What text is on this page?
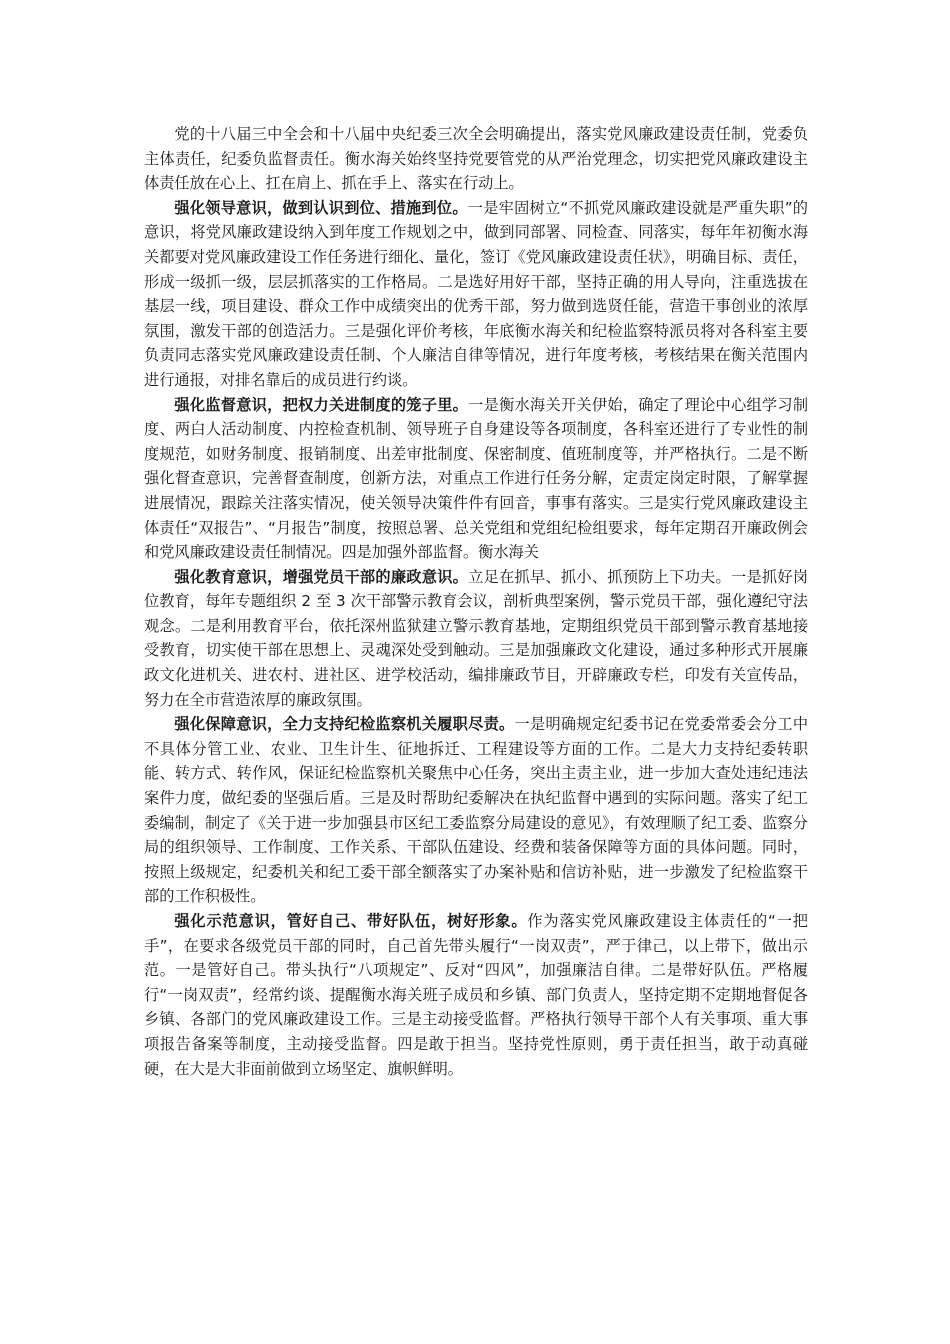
党的十八届三中全会和十八届中央纪委三次全会明确提出，落实党风廉政建设责任制，党委负主体责任，纪委负监督责任。衡水海关始终坚持党要管党的从严治党理念，切实把党风廉政建设主体责任放在心上、扛在肩上、抓在手上、落实在行动上。

强化领导意识，做到认识到位、措施到位。一是牢固树立“不抓党风廉政建设就是严重失职”的意识，将党风廉政建设纳入到年度工作规划之中，做到同部署、同检查、同落实，每年年初衡水海关都要对党风廉政建设工作任务进行细化、量化，签订《党风廉政建设责任状》，明确目标、责任，形成一级抓一级，层层抓落实的工作格局。二是选好用好干部，坚持正确的用人导向，注重选拔在基层一线，项目建设、群众工作中成绩突出的优秀干部，努力做到选贤任能，营造干事创业的浓厚氛围，激发干部的创造活力。三是强化评价考核，年底衡水海关和纪检监察特派员将对各科室主要负责同志落实党风廉政建设责任制、个人廉洁自律等情况，进行年度考核，考核结果在衡关范围内进行通报，对排名靠后的成员进行约谈。

强化监督意识，把权力关进制度的笼子里。一是衡水海关开关伊始，确定了理论中心组学习制度、两白人活动制度、内控检查机制、领导班子自身建设等各项制度，各科室还进行了专业性的制度规范，如财务制度、报销制度、出差审批制度、保密制度、值班制度等，并严格执行。二是不断强化督查意识，完善督查制度，创新方法，对重点工作进行任务分解，定责定岗定时限，了解掌握进展情况，跟踪关注落实情况，使关领导决策件件有回音，事事有落实。三是实行党风廉政建设主体责任“双报告”、“月报告”制度，按照总署、总关党组和党组纪检组要求，每年定期召开廉政例会和党风廉政建设责任制情况。四是加强外部监督。衡水海关

强化教育意识，增强党员干部的廉政意识。立足在抓早、抓小、抓预防上下功夫。一是抓好岗位教育，每年专题组织 2 至 3 次干部警示教育会议，剖析典型案例，警示党员干部，强化遵纪守法观念。二是利用教育平台，依托深州监狱建立警示教育基地，定期组织党员干部到警示教育基地接受教育，切实使干部在思想上、灵魂深处受到触动。三是加强廉政文化建设，通过多种形式开展廉政文化进机关、进农村、进社区、进学校活动，编排廉政节目，开辟廉政专栏，印发有关宣传品，努力在全市营造浓厚的廉政氛围。

强化保障意识，全力支持纪检监察机关履职尽责。一是明确规定纪委书记在党委常委会分工中不具体分管工业、农业、卫生计生、征地拆迁、工程建设等方面的工作。二是大力支持纪委转职能、转方式、转作风，保证纪检监察机关聚焦中心任务，突出主责主业，进一步加大查处违纪违法案件力度，做纪委的坚强后盾。三是及时帮助纪委解决在执纪监督中遇到的实际问题。落实了纪工委编制，制定了《关于进一步加强县市区纪工委监察分局建设的意见》，有效理顺了纪工委、监察分局的组织领导、工作制度、工作关系、干部队伍建设、经费和装备保障等方面的具体问题。同时，按照上级规定，纪委机关和纪工委干部全额落实了办案补贴和信访补贴，进一步激发了纪检监察干部的工作积极性。

强化示范意识，管好自己、带好队伍，树好形象。作为落实党风廉政建设主体责任的“一把手”，在要求各级党员干部的同时，自己首先带头履行“一岗双责”，严于律己，以上带下，做出示范。一是管好自己。带头执行“八项规定”、反对“四风”，加强廉洁自律。二是带好队伍。严格履行“一岗双责”，经常约谈、提醒衡水海关班子成员和乡镇、部门负责人，坚持定期不定期地督促各乡镇、各部门的党风廉政建设工作。三是主动接受监督。严格执行领导干部个人有关事项、重大事项报告备案等制度，主动接受监督。四是敢于担当。坚持党性原则，勇于责任担当，敢于动真碰硬，在大是大非面前做到立场坚定、旗帜鲜明。
